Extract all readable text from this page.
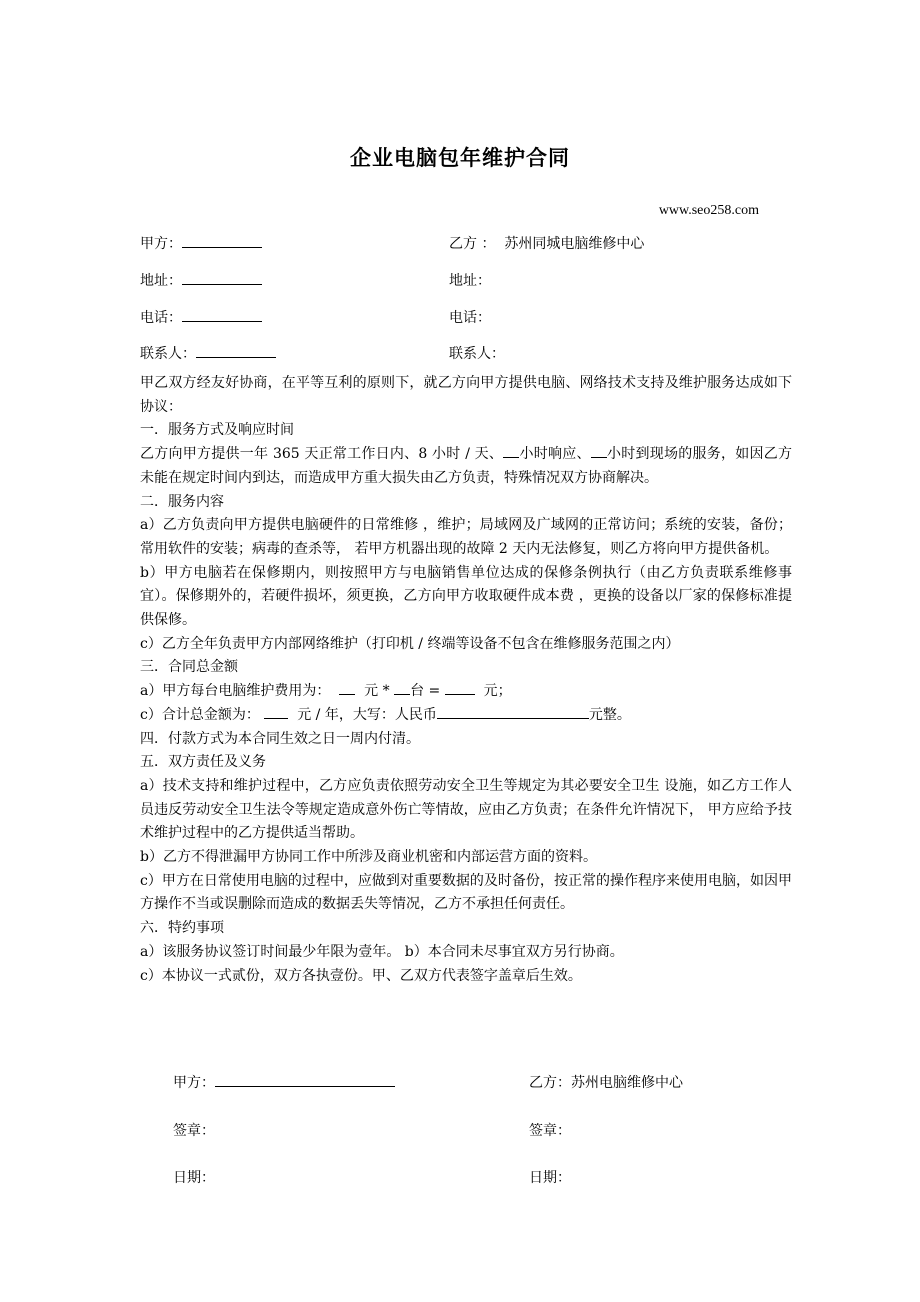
企业电脑包年维护合同
www.seo258.com
甲方：	乙方 ： 苏州同城电脑维修中心
地址：	地址：
电话：	电话：
联系人：	联系人：

甲乙双方经友好协商，在平等互利的原则下，就乙方向甲方提供电脑、网络技术支持及维护服务达成如下协议：

一．服务方式及响应时间

乙方向甲方提供一年 365 天正常工作日内、8 小时 / 天、 小时响应、 小时到现场的服务，如因乙方未能在规定时间内到达，而造成甲方重大损失由乙方负责，特殊情况双方协商解决。

二．服务内容

a）乙方负责向甲方提供电脑硬件的日常维修 ，维护；局域网及广域网的正常访问；系统的安装，备份；常用软件的安装；病毒的查杀等， 若甲方机器出现的故障 2 天内无法修复，则乙方将向甲方提供备机。

b）甲方电脑若在保修期内，则按照甲方与电脑销售单位达成的保修条例执行（由乙方负责联系维修事宜）。保修期外的，若硬件损坏，须更换，乙方向甲方收取硬件成本费 ，更换的设备以厂家的保修标准提供保修。

c）乙方全年负责甲方内部网络维护（打印机 / 终端等设备不包含在维修服务范围之内）

三．合同总金额

a）甲方每台电脑维护费用为： 元 * 台 =	元；

c）合计总金额为：	元 / 年，大写：人民币	元整。

四．付款方式为本合同生效之日一周内付清。

五．双方责任及义务

a）技术支持和维护过程中，乙方应负责依照劳动安全卫生等规定为其必要安全卫生 设施，如乙方工作人员违反劳动安全卫生法令等规定造成意外伤亡等情故，应由乙方负责；在条件允许情况下， 甲方应给予技术维护过程中的乙方提供适当帮助。

b）乙方不得泄漏甲方协同工作中所涉及商业机密和内部运营方面的资料。

c）甲方在日常使用电脑的过程中，应做到对重要数据的及时备份，按正常的操作程序来使用电脑，如因甲方操作不当或误删除而造成的数据丢失等情况，乙方不承担任何责任。

六．特约事项

a）该服务协议签订时间最少年限为壹年。 b）本合同未尽事宜双方另行协商。

c）本协议一式贰份，双方各执壹份。甲、乙双方代表签字盖章后生效。

甲方：	乙方：苏州电脑维修中心
签章：	签章：
日期：	日期：
